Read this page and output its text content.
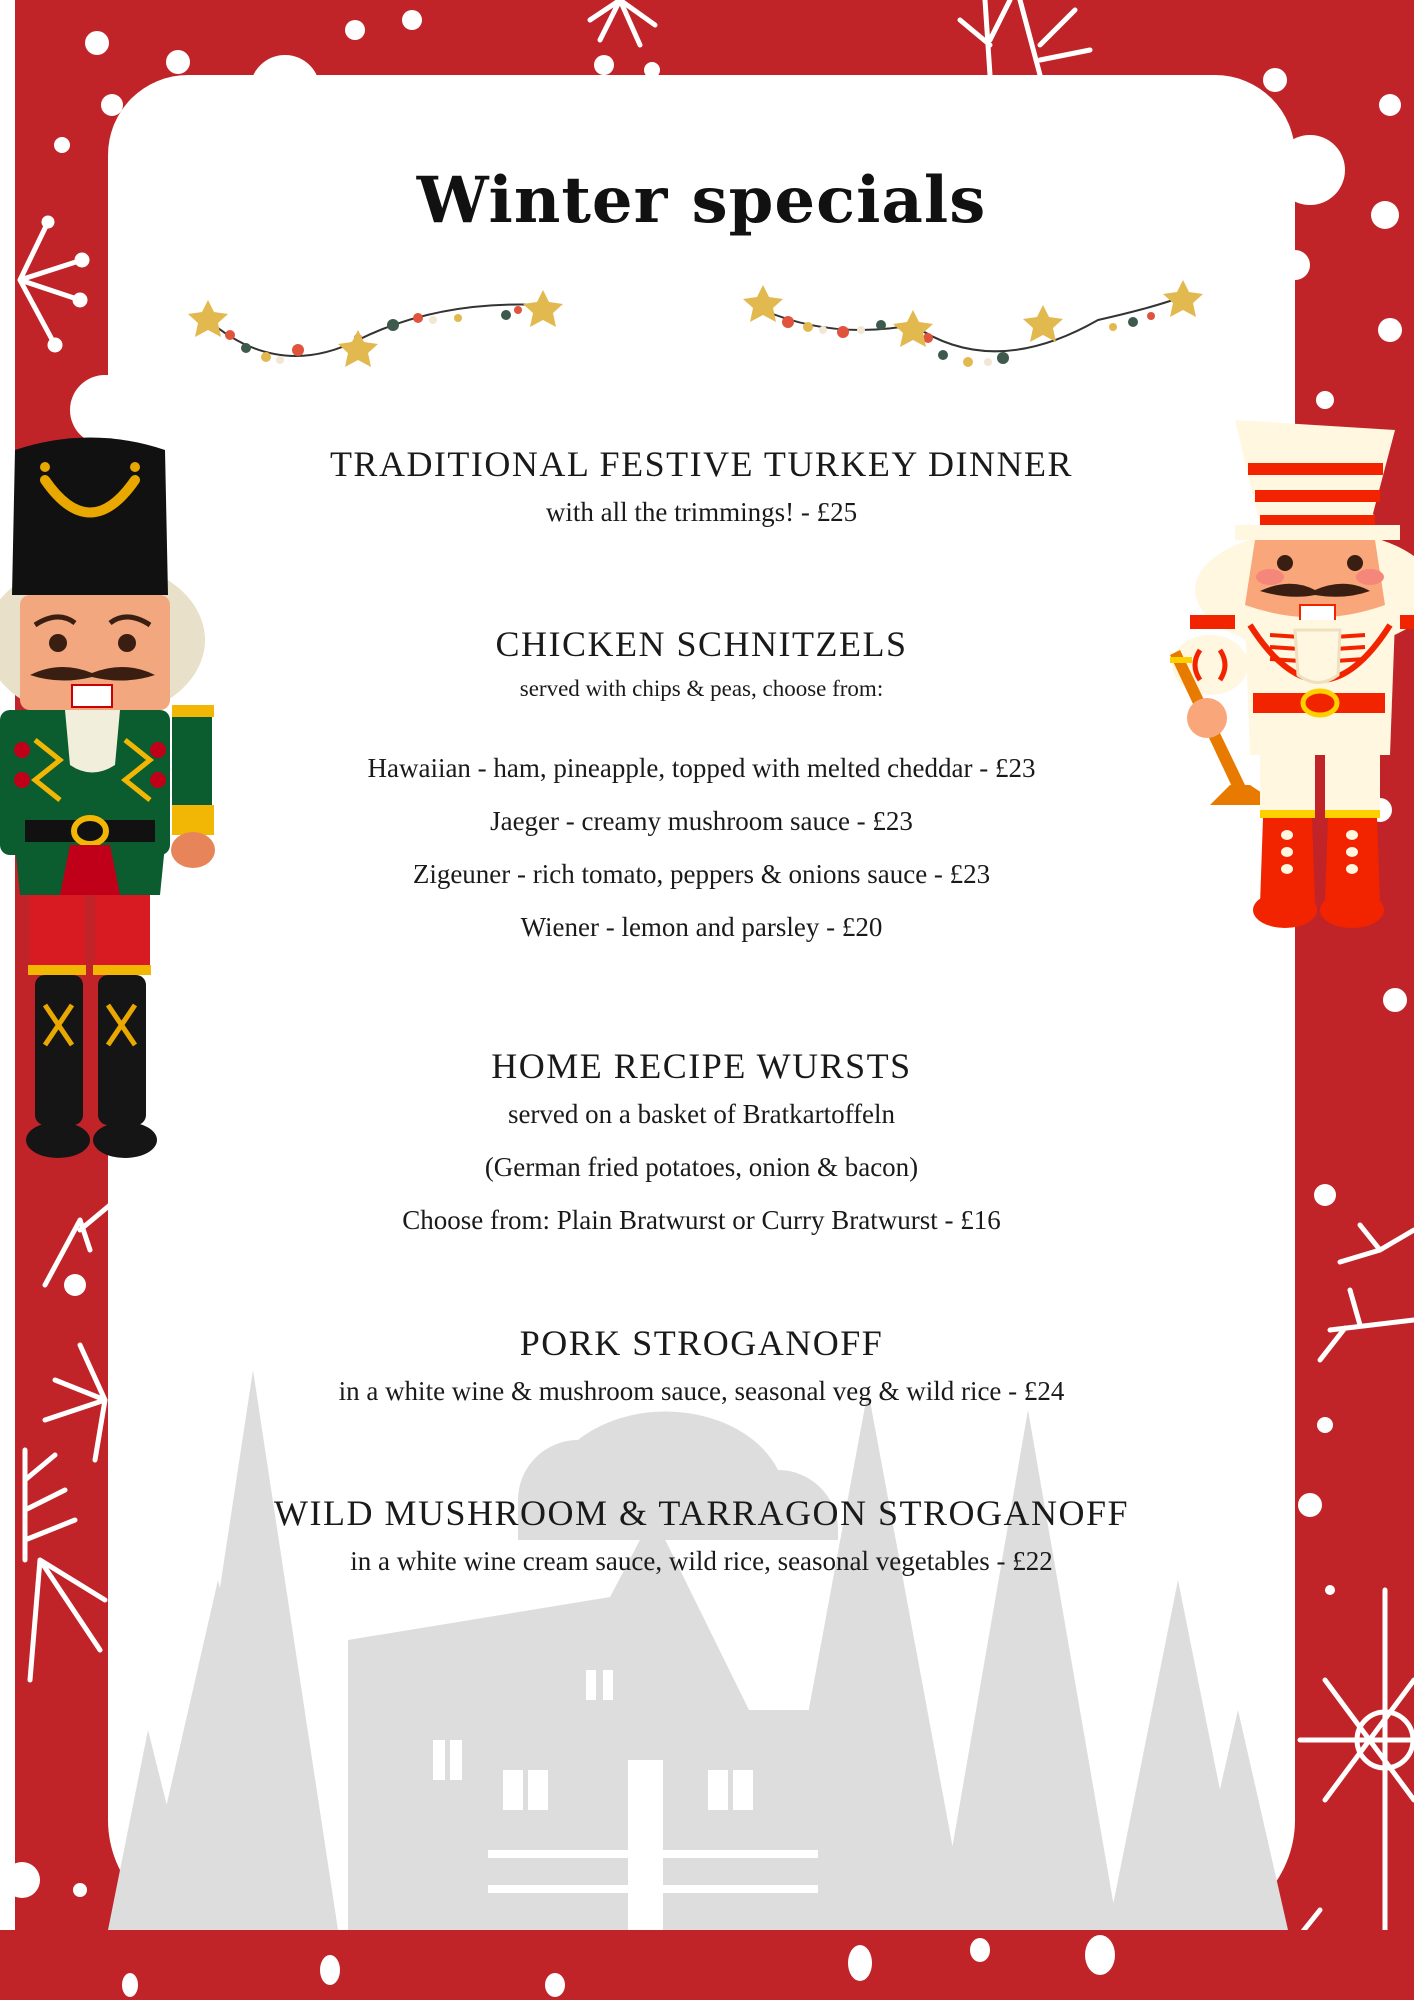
Winter specials
TRADITIONAL FESTIVE TURKEY DINNER
with all the trimmings! - £25
CHICKEN SCHNITZELS
served with chips & peas, choose from:
Hawaiian - ham, pineapple, topped with melted cheddar - £23
Jaeger - creamy mushroom sauce - £23
Zigeuner - rich tomato, peppers & onions sauce - £23
Wiener - lemon and parsley - £20
HOME RECIPE WURSTS
served on a basket of Bratkartoffeln
(German fried potatoes, onion & bacon)
Choose from: Plain Bratwurst or Curry Bratwurst - £16
PORK STROGANOFF
in a white wine & mushroom sauce, seasonal veg & wild rice - £24
WILD MUSHROOM & TARRAGON STROGANOFF
in a white wine cream sauce, wild rice, seasonal vegetables - £22
